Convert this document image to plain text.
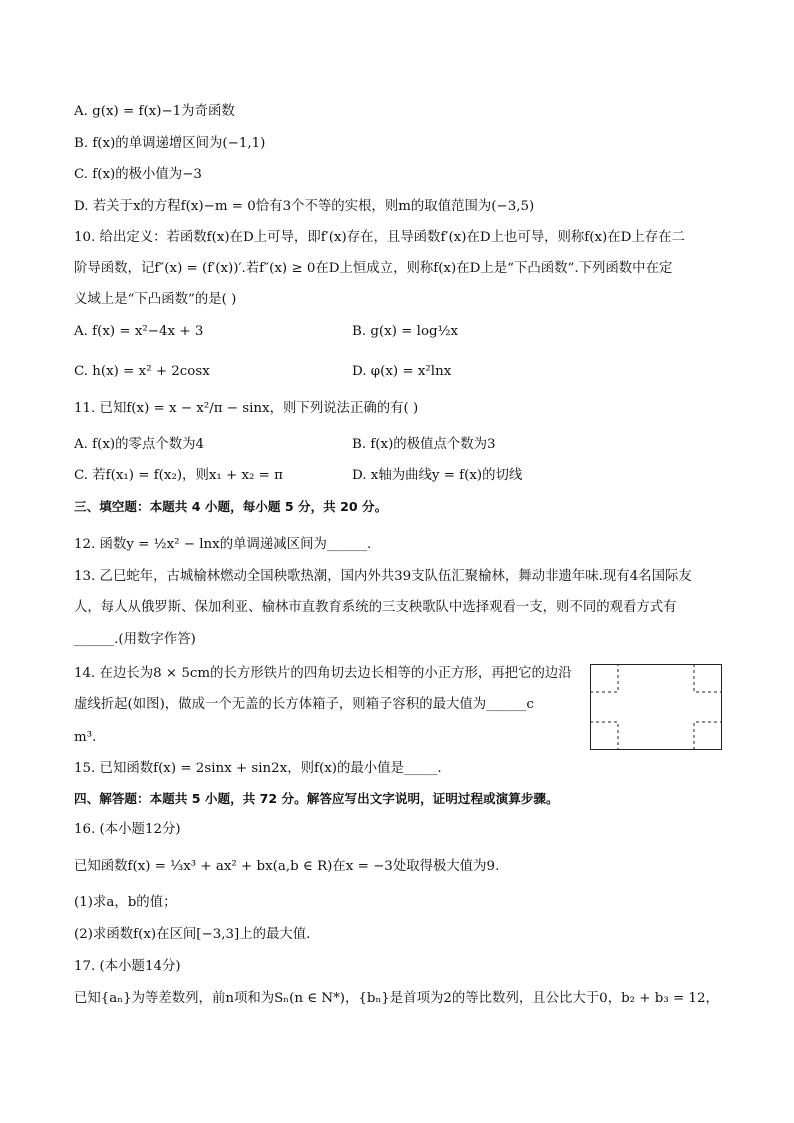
A. g(x) = f(x)−1为奇函数
B. f(x)的单调递增区间为(−1,1)
C. f(x)的极小值为−3
D. 若关于x的方程f(x)−m = 0恰有3个不等的实根，则m的取值范围为(−3,5)
10. 给出定义：若函数f(x)在D上可导，即f′(x)存在，且导函数f′(x)在D上也可导，则称f(x)在D上存在二
阶导函数，记f″(x) = (f′(x))′.若f″(x) ≥ 0在D上恒成立，则称f(x)在D上是“下凸函数”.下列函数中在定
义域上是“下凸函数”的是( )
A. f(x) = x²−4x + 3	B. g(x) = log½x
C. h(x) = x² + 2cosx	D. φ(x) = x²lnx
11. 已知f(x) = x − x²/π − sinx，则下列说法正确的有( )
A. f(x)的零点个数为4	B. f(x)的极值点个数为3
C. 若f(x₁) = f(x₂)，则x₁ + x₂ = π	D. x轴为曲线y = f(x)的切线
三、填空题：本题共 4 小题，每小题 5 分，共 20 分。
12. 函数y = ½x² − lnx的单调递减区间为______.
13. 乙巳蛇年，古城榆林燃动全国秧歌热潮，国内外共39支队伍汇聚榆林，舞动非遗年味.现有4名国际友
人，每人从俄罗斯、保加利亚、榆林市直教育系统的三支秧歌队中选择观看一支，则不同的观看方式有
______.(用数字作答)
14. 在边长为8 × 5cm的长方形铁片的四角切去边长相等的小正方形，再把它的边沿
虚线折起(如图)，做成一个无盖的长方体箱子，则箱子容积的最大值为______c
m³.
15. 已知函数f(x) = 2sinx + sin2x，则f(x)的最小值是_____.
四、解答题：本题共 5 小题，共 72 分。解答应写出文字说明，证明过程或演算步骤。
16. (本小题12分)
已知函数f(x) = ⅓x³ + ax² + bx(a,b ∈ R)在x = −3处取得极大值为9.
(1)求a，b的值；
(2)求函数f(x)在区间[−3,3]上的最大值.
17. (本小题14分)
已知{aₙ}为等差数列，前n项和为Sₙ(n ∈ N*)，{bₙ}是首项为2的等比数列，且公比大于0，b₂ + b₃ = 12，
